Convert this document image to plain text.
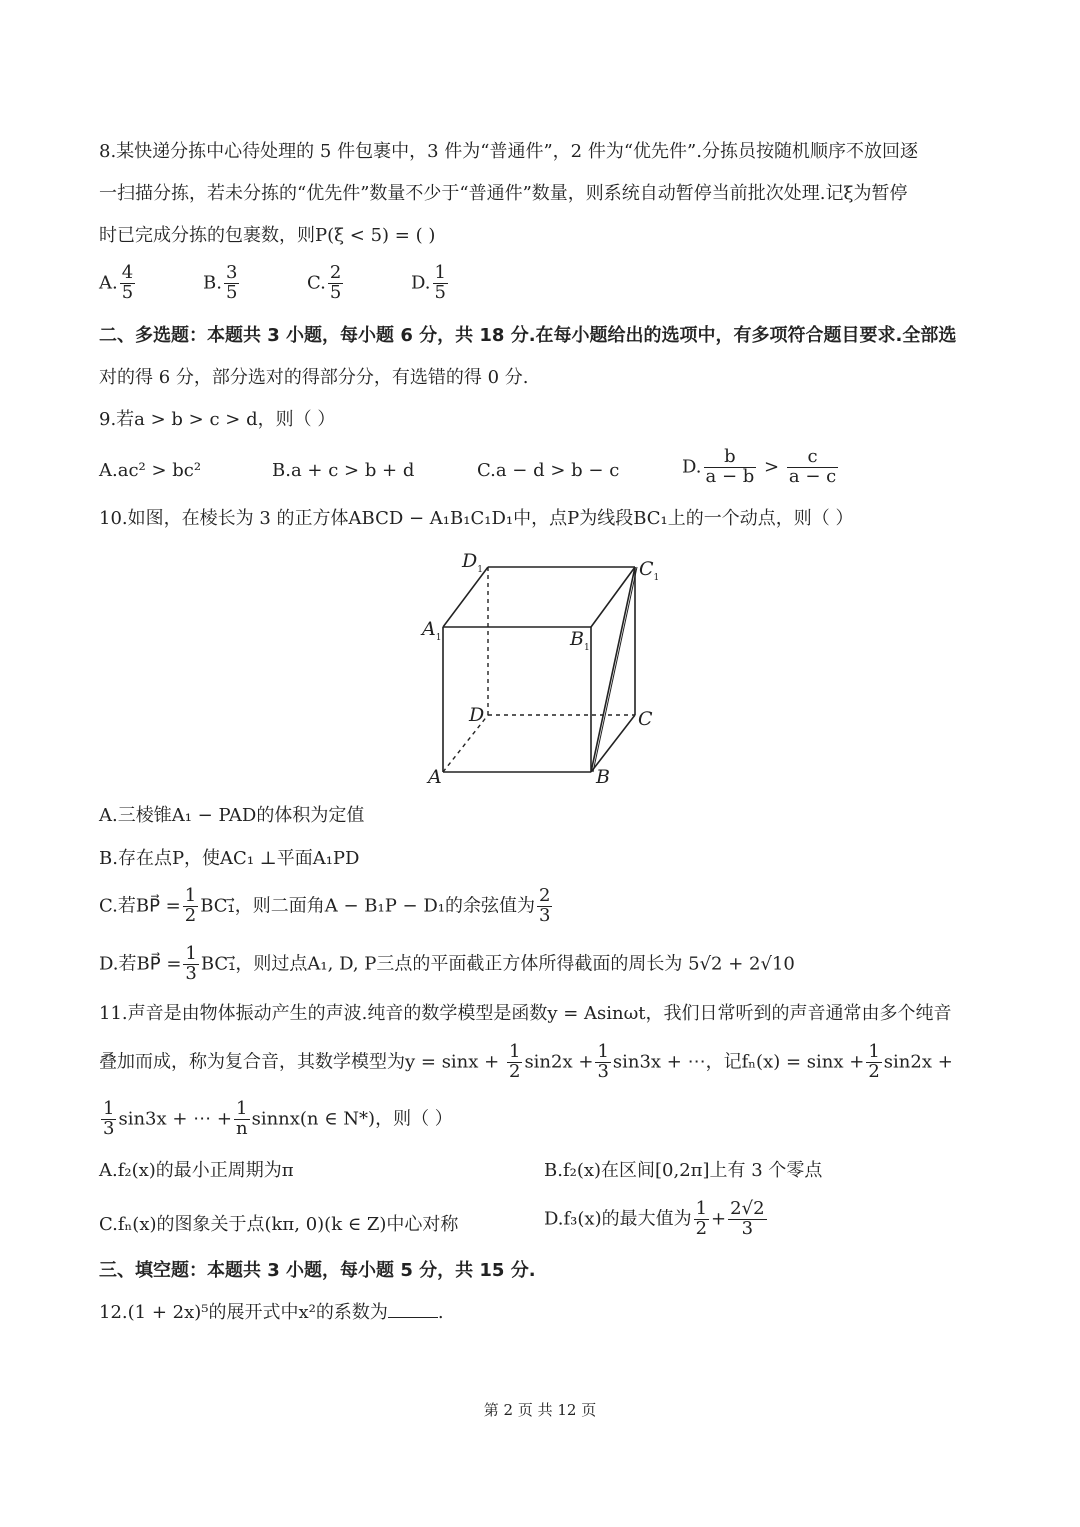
8.某快递分拣中心待处理的 5 件包裹中，3 件为“普通件”，2 件为“优先件”.分拣员按随机顺序不放回逐
一扫描分拣，若未分拣的“优先件”数量不少于“普通件”数量，则系统自动暂停当前批次处理.记ξ为暂停
时已完成分拣的包裹数，则P(ξ < 5) = ( )
A. $\frac{4}{5}$	B. $\frac{3}{5}$	C. $\frac{2}{5}$	D. $\frac{1}{5}$
二、多选题：本题共 3 小题，每小题 6 分，共 18 分.在每小题给出的选项中，有多项符合题目要求.全部选
对的得 6 分，部分选对的得部分分，有选错的得 0 分.
9.若a > b > c > d，则（ ）
A.ac² > bc²	B.a + c > b + d	C.a − d > b − c	D. $\frac{b}{a - b} > \frac{c}{a - c}$
10.如图，在棱长为 3 的正方体ABCD − A₁B₁C₁D₁中，点P为线段BC₁上的一个动点，则（ ）
$D_1$	$C_1$
$A_1$	$B_1$
D	C
A	B
A.三棱锥A₁ − PAD的体积为定值
B.存在点P，使AC₁ ⊥平面A₁PD
C.若BP⃗ = $\frac{1}{2}$ BC₁⃗，则二面角A − B₁P − D₁的余弦值为 $\frac{2}{3}$
D.若BP⃗ = $\frac{1}{3}$ BC₁⃗，则过点A₁, D, P三点的平面截正方体所得截面的周长为 5√2 + 2√10
11.声音是由物体振动产生的声波.纯音的数学模型是函数y = Asinωt，我们日常听到的声音通常由多个纯音
叠加而成，称为复合音，其数学模型为$y = \sin x + \frac{1}{2} \sin 2x + \frac{1}{3} \sin 3x$ + ⋯，记$f_n(x) = \sin x + \frac{1}{2} \sin 2x$ +
$\frac{1}{3} \sin 3x$ + ⋯ + $\frac{1}{n}$ sinnx(n ∈ N*)，则（ ）
A.f₂(x)的最小正周期为π	B.f₂(x)在区间[0,2π]上有 3 个零点
C.fₙ(x)的图象关于点(kπ, 0)(k ∈ Z)中心对称	D.f₃(x)的最大值为 $\frac{1}{2} + \frac{2√2}{3}$
三、填空题：本题共 3 小题，每小题 5 分，共 15 分.
12.(1 + 2x)⁵的展开式中x²的系数为	.
第 2 页 共 12 页
